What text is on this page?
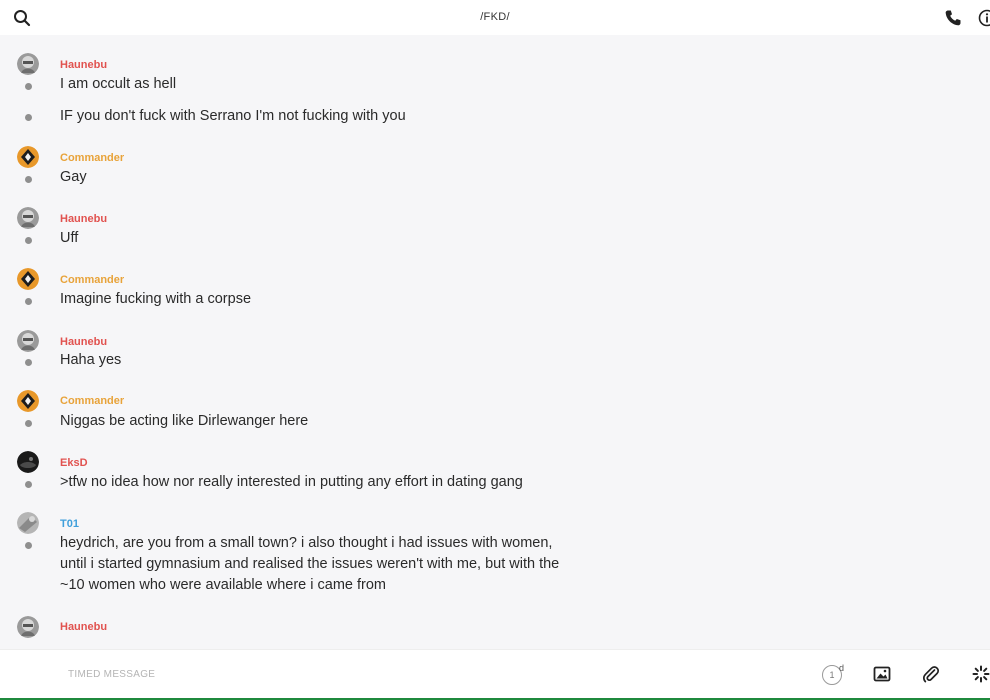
/FKD/
Haunebu
I am occult as hell
IF you don't fuck with Serrano I'm not fucking with you
Commander
Gay
Haunebu
Uff
Commander
Imagine fucking with a corpse
Haunebu
Haha yes
Commander
Niggas be acting like Dirlewanger here
EksD
>tfw no idea how nor really interested in putting any effort in dating gang
T01
heydrich, are you from a small town? i also thought i had issues with women,
until i started gymnasium and realised the issues weren't with me, but with the
~10 women who were available where i came from
Haunebu
TIMED MESSAGE	1
d
